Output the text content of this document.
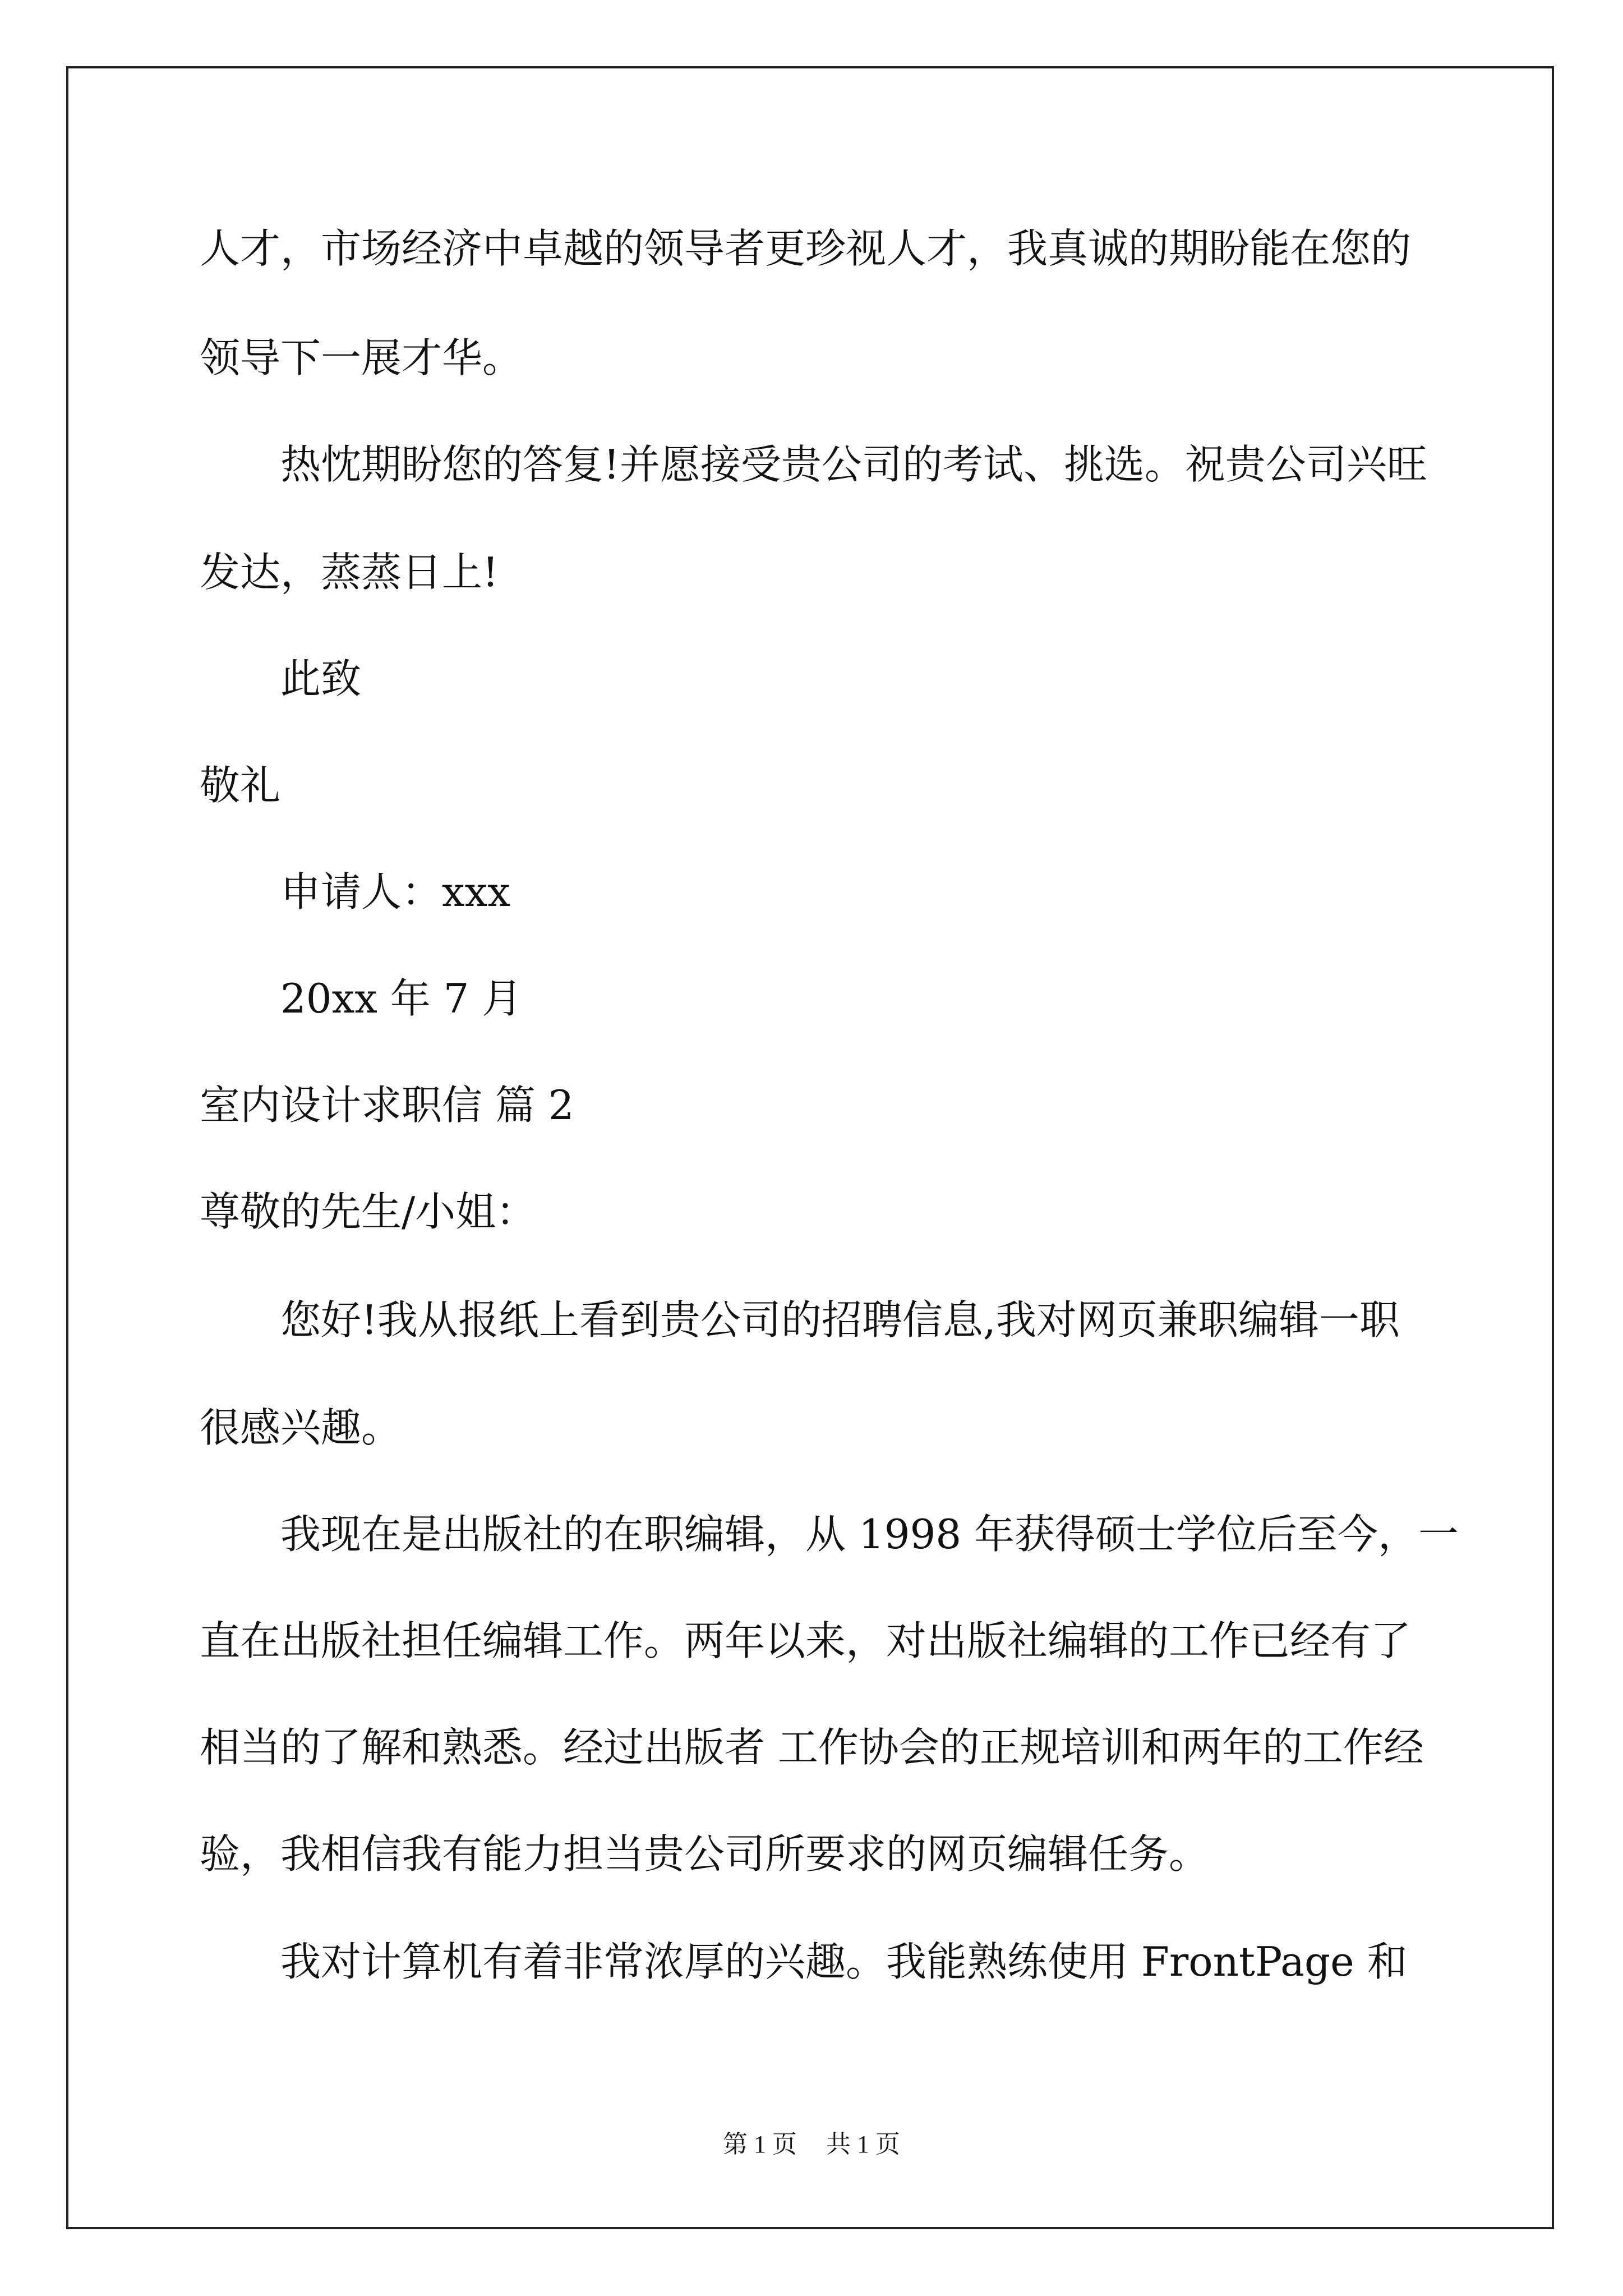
人才，市场经济中卓越的领导者更珍视人才，我真诚的期盼能在您的
领导下一展才华。
热忱期盼您的答复!并愿接受贵公司的考试、挑选。祝贵公司兴旺
发达，蒸蒸日上!
此致
敬礼
申请人：xxx
20xx 年 7 月
室内设计求职信 篇 2
尊敬的先生/小姐：
您好!我从报纸上看到贵公司的招聘信息,我对网页兼职编辑一职
很感兴趣。
我现在是出版社的在职编辑，从 1998 年获得硕士学位后至今，一
直在出版社担任编辑工作。两年以来，对出版社编辑的工作已经有了
相当的了解和熟悉。经过出版者 工作协会的正规培训和两年的工作经
验，我相信我有能力担当贵公司所要求的网页编辑任务。
我对计算机有着非常浓厚的兴趣。我能熟练使用 FrontPage 和
第 1 页 共 1 页
